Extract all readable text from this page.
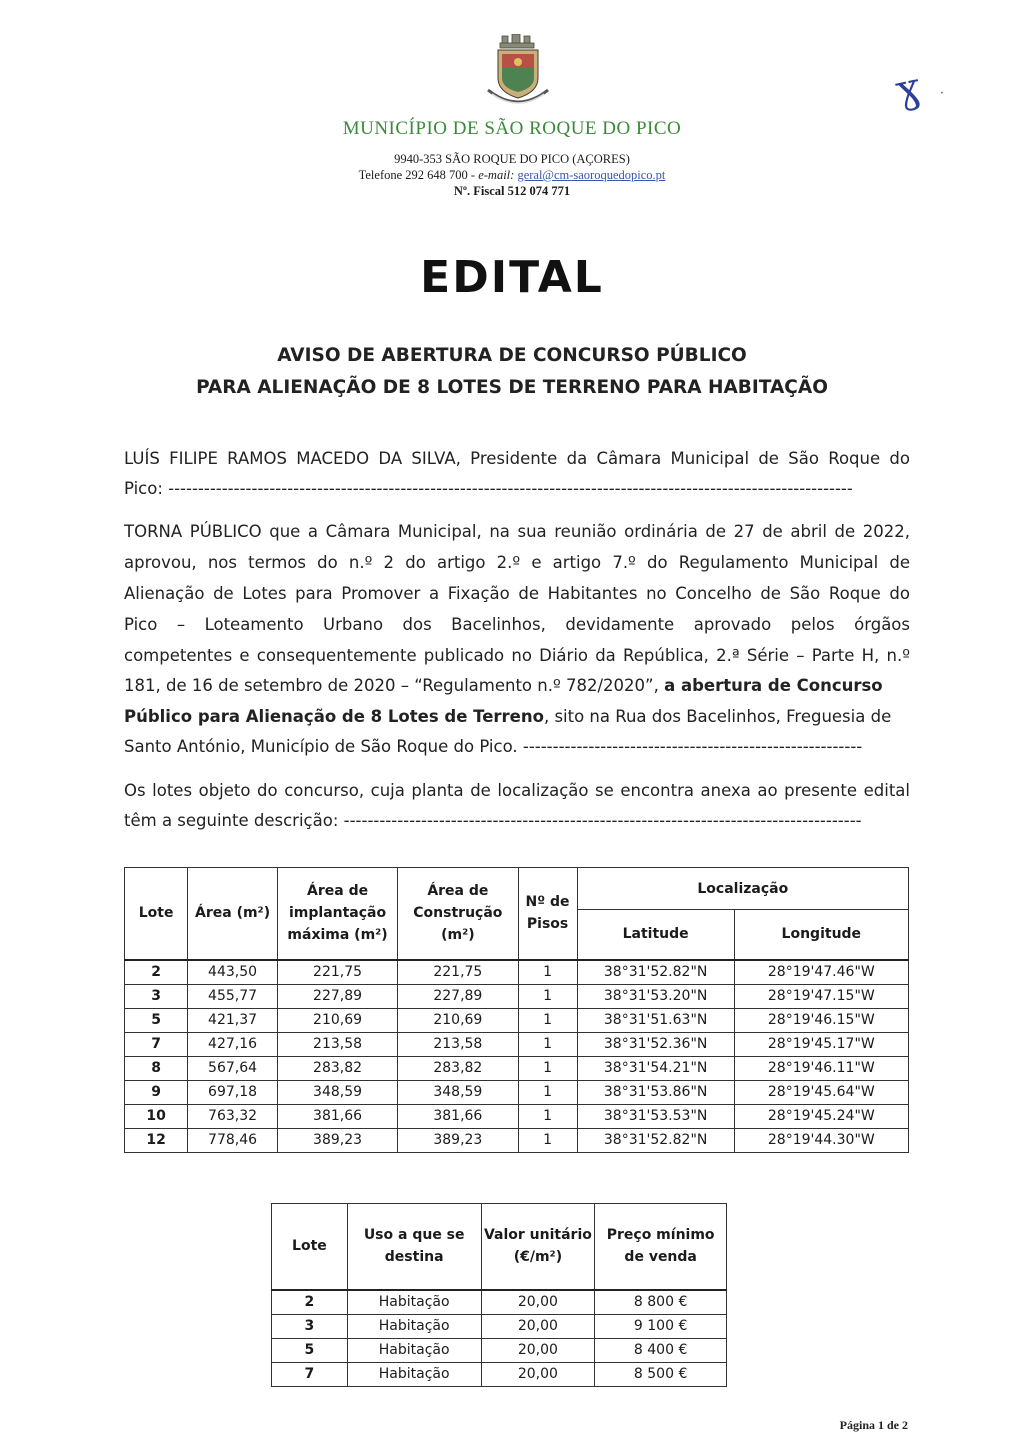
ɣ ·
MUNICÍPIO DE SÃO ROQUE DO PICO
9940-353 SÃO ROQUE DO PICO (AÇORES)
Telefone 292 648 700 - e-mail: geral@cm-saoroquedopico.pt
Nº. Fiscal 512 074 771
EDITAL
AVISO DE ABERTURA DE CONCURSO PÚBLICO
PARA ALIENAÇÃO DE 8 LOTES DE TERRENO PARA HABITAÇÃO
LUÍS FILIPE RAMOS MACEDO DA SILVA, Presidente da Câmara Municipal de São Roque do
Pico: -------------------------------------------------------------------------------------------------------------------
TORNA PÚBLICO que a Câmara Municipal, na sua reunião ordinária de 27 de abril de 2022,
aprovou, nos termos do n.º 2 do artigo 2.º e artigo 7.º do Regulamento Municipal de
Alienação de Lotes para Promover a Fixação de Habitantes no Concelho de São Roque do
Pico – Loteamento Urbano dos Bacelinhos, devidamente aprovado pelos órgãos
competentes e consequentemente publicado no Diário da República, 2.ª Série – Parte H, n.º
181, de 16 de setembro de 2020 – “Regulamento n.º 782/2020”, a abertura de Concurso
Público para Alienação de 8 Lotes de Terreno, sito na Rua dos Bacelinhos, Freguesia de
Santo António, Município de São Roque do Pico. ---------------------------------------------------------
Os lotes objeto do concurso, cuja planta de localização se encontra anexa ao presente edital
têm a seguinte descrição: ---------------------------------------------------------------------------------------
Lote	Área (m²)	Área de implantação máxima (m²)	Área de Construção (m²)	Nº de Pisos	Localização	
					Latitude	Longitude
2	443,50	221,75	221,75	1	38°31'52.82"N	28°19'47.46"W
3	455,77	227,89	227,89	1	38°31'53.20"N	28°19'47.15"W
5	421,37	210,69	210,69	1	38°31'51.63"N	28°19'46.15"W
7	427,16	213,58	213,58	1	38°31'52.36"N	28°19'45.17"W
8	567,64	283,82	283,82	1	38°31'54.21"N	28°19'46.11"W
9	697,18	348,59	348,59	1	38°31'53.86"N	28°19'45.64"W
10	763,32	381,66	381,66	1	38°31'53.53"N	28°19'45.24"W
12	778,46	389,23	389,23	1	38°31'52.82"N	28°19'44.30"W
Lote	Uso a que se destina	Valor unitário (€/m²)	Preço mínimo de venda
2	Habitação	20,00	8 800 €
3	Habitação	20,00	9 100 €
5	Habitação	20,00	8 400 €
7	Habitação	20,00	8 500 €
Página 1 de 2
